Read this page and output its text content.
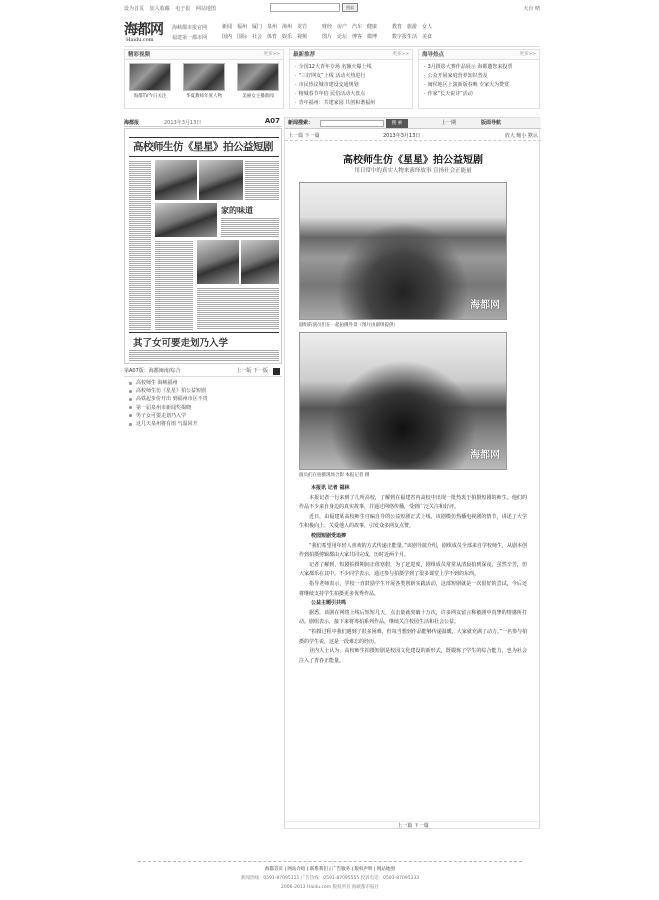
设为首页 加入收藏 电子报 网站地图	搜索	天台 晴
海都网
Haidu.com
海峡都市报官网
福建第一都市网
新闻 福州 厦门 泉州 漳州 龙岩	财经 房产 汽车 健康	教育 旅游 女人
国内 国际 社会 体育 娱乐 视频	图片 论坛 博客 微博	数字报生活 美食
精彩视频	更多>>
海都TV今日关注	华夏教师年度人物	美丽女主播新闻
最新推荐	更多>>
· 全国12大青年专场 名额火爆上线
· “三好网友”上线 活动火热进行
· 市民热议城市建设交通规划
· 榕城春节年俗 民俗活动大盘点
· 青年福州：共建家园 共创和谐福州
海导热点	更多>>
· 3月摄影大赛作品展示 海都邀您来投票
· 公众开展家庭营养知识普及
· 闽侯地区上演新版春晚 专家大为赞赏
· 作家“长天说诗”活动
海都报	2013年3月13日	A07
高校师生仿《星星》拍公益短剧
家的味道
其了女可要走划乃入学
第A07版：海都闽南/综合	上一版 下一版
高校师生 海峡福州
高校师生仿《星星》拍公益短剧
高铁起步价开出 到福州市区不贵
第一届泉州市新闻奖揭晓
男子女可要走划乃入学
这几天泉州将有雨 气温回升
新闻搜索：	搜 索	上一期	版面导航
上一篇 下一篇	2013年3月13日	放大 缩小 默认
高校师生仿《星星》拍公益短剧
用日常中的真实人物来演绎故事 宣扬社会正能量
海都网
剧组的演员们在一起拍摄外景（图片由剧组提供）
海都网
演员们在拍摄现场合影 本报记者 摄

本报讯 记者 福林

本报记者一行来到了几所高校，了解到在福建省内高校中出现一批热衷于拍摄短剧的师生。他们的作品不少来自身边的真实故事，并通过网络传播，受到广泛关注和好评。

近日，由福建某高校师生自编自导的公益短剧正式上线，该剧模仿热播电视剧的情节，讲述了大学生积极向上、关爱他人的故事，引发众多网友点赞。

校园短剧受追捧

“我们希望用年轻人喜欢的方式传递正能量。”该剧导演介绍，剧组成员全部来自学校师生，从剧本创作到拍摄剪辑都由大家共同完成，历时近两个月。

记者了解到，短剧拍摄期间正值寒假，为了赶进度，剧组成员常常从清晨拍到深夜，虽然辛苦，但大家都乐在其中。不少同学表示，通过参与拍摄学到了很多课堂上学不到的东西。

指导老师表示，学校一直鼓励学生开展各类创新实践活动，这部短剧就是一次很好的尝试，今后还将继续支持学生拍摄更多优秀作品。

公益主题引共鸣

据悉，该剧在网络上线后短短几天，点击量就突破十万次，许多网友留言称被剧中真挚的情感所打动。剧组表示，接下来将筹拍系列作品，继续关注校园生活和社会公益。

“拍摄过程中我们遇到了很多困难，但每当想到作品能够传递温暖，大家就充满了动力。”一名参与拍摄的学生说，这是一段难忘的经历。

业内人士认为，高校师生拍摄短剧是校园文化建设的新形式，既锻炼了学生的综合能力，也为社会注入了青春正能量。

上一篇 下一篇
海都首页 | 网站介绍 | 联系我们 | 广告服务 | 版权声明 | 网站地图
新闻热线：0591-87095111 广告热线：0591-87095555 投诉电话：0591-87095333
2006-2013 Haidu.com 版权所有 海峡都市报社
